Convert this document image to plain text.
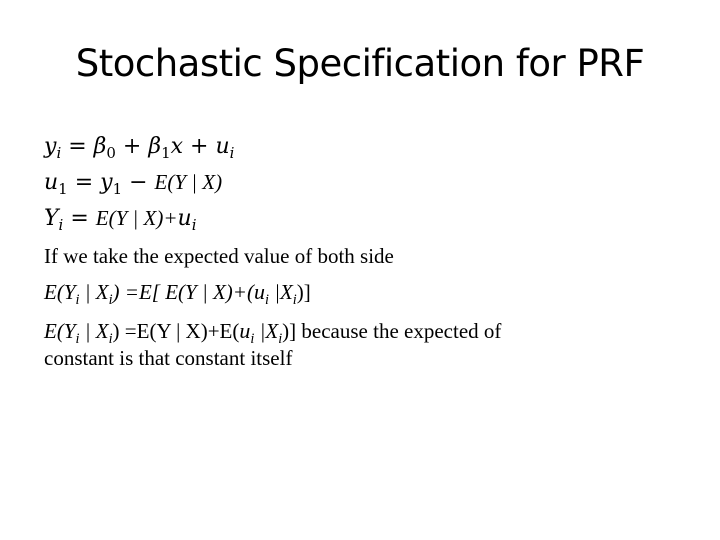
Stochastic Specification for PRF
$y_i = \beta_0 + \beta_1x + u_i$
$u_1 = y_1 - E(Y$ | X)
$Y_i = E(Y$ | $X)+u_i$
If we take the expected value of both side
$E(Y_i$ | $X_i) =E$[ E(Y | $X)+(u_i$ $|X_i$)]
$E(Y_i$ | $X_i) =E(Y$ | $X)+E(u_i$ $|X_i$)] because the expected of
constant is that constant itself
